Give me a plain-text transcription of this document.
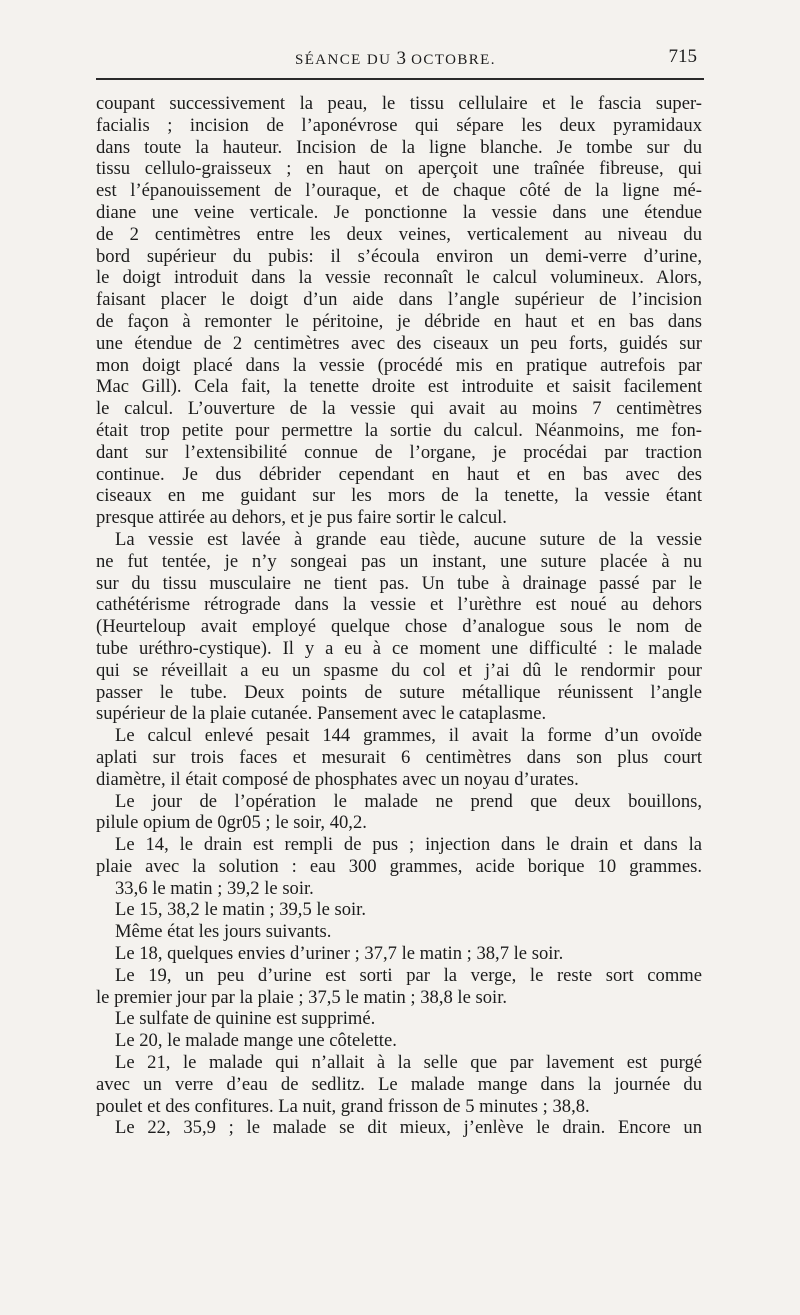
SÉANCE DU 3 OCTOBRE.	715
coupant successivement la peau, le tissu cellulaire et le fascia super-
facialis ; incision de l’aponévrose qui sépare les deux pyramidaux
dans toute la hauteur. Incision de la ligne blanche. Je tombe sur du
tissu cellulo-graisseux ; en haut on aperçoit une traînée fibreuse, qui
est l’épanouissement de l’ouraque, et de chaque côté de la ligne mé-
diane une veine verticale. Je ponctionne la vessie dans une étendue
de 2 centimètres entre les deux veines, verticalement au niveau du
bord supérieur du pubis: il s’écoula environ un demi-verre d’urine,
le doigt introduit dans la vessie reconnaît le calcul volumineux. Alors,
faisant placer le doigt d’un aide dans l’angle supérieur de l’incision
de façon à remonter le péritoine, je débride en haut et en bas dans
une étendue de 2 centimètres avec des ciseaux un peu forts, guidés sur
mon doigt placé dans la vessie (procédé mis en pratique autrefois par
Mac Gill). Cela fait, la tenette droite est introduite et saisit facilement
le calcul. L’ouverture de la vessie qui avait au moins 7 centimètres
était trop petite pour permettre la sortie du calcul. Néanmoins, me fon-
dant sur l’extensibilité connue de l’organe, je procédai par traction
continue. Je dus débrider cependant en haut et en bas avec des
ciseaux en me guidant sur les mors de la tenette, la vessie étant
presque attirée au dehors, et je pus faire sortir le calcul.
La vessie est lavée à grande eau tiède, aucune suture de la vessie
ne fut tentée, je n’y songeai pas un instant, une suture placée à nu
sur du tissu musculaire ne tient pas. Un tube à drainage passé par le
cathétérisme rétrograde dans la vessie et l’urèthre est noué au dehors
(Heurteloup avait employé quelque chose d’analogue sous le nom de
tube uréthro-cystique). Il y a eu à ce moment une difficulté : le malade
qui se réveillait a eu un spasme du col et j’ai dû le rendormir pour
passer le tube. Deux points de suture métallique réunissent l’angle
supérieur de la plaie cutanée. Pansement avec le cataplasme.
Le calcul enlevé pesait 144 grammes, il avait la forme d’un ovoïde
aplati sur trois faces et mesurait 6 centimètres dans son plus court
diamètre, il était composé de phosphates avec un noyau d’urates.
Le jour de l’opération le malade ne prend que deux bouillons,
pilule opium de 0gr05 ; le soir, 40,2.
Le 14, le drain est rempli de pus ; injection dans le drain et dans la
plaie avec la solution : eau 300 grammes, acide borique 10 grammes.
33,6 le matin ; 39,2 le soir.
Le 15, 38,2 le matin ; 39,5 le soir.
Même état les jours suivants.
Le 18, quelques envies d’uriner ; 37,7 le matin ; 38,7 le soir.
Le 19, un peu d’urine est sorti par la verge, le reste sort comme
le premier jour par la plaie ; 37,5 le matin ; 38,8 le soir.
Le sulfate de quinine est supprimé.
Le 20, le malade mange une côtelette.
Le 21, le malade qui n’allait à la selle que par lavement est purgé
avec un verre d’eau de sedlitz. Le malade mange dans la journée du
poulet et des confitures. La nuit, grand frisson de 5 minutes ; 38,8.
Le 22, 35,9 ; le malade se dit mieux, j’enlève le drain. Encore un
